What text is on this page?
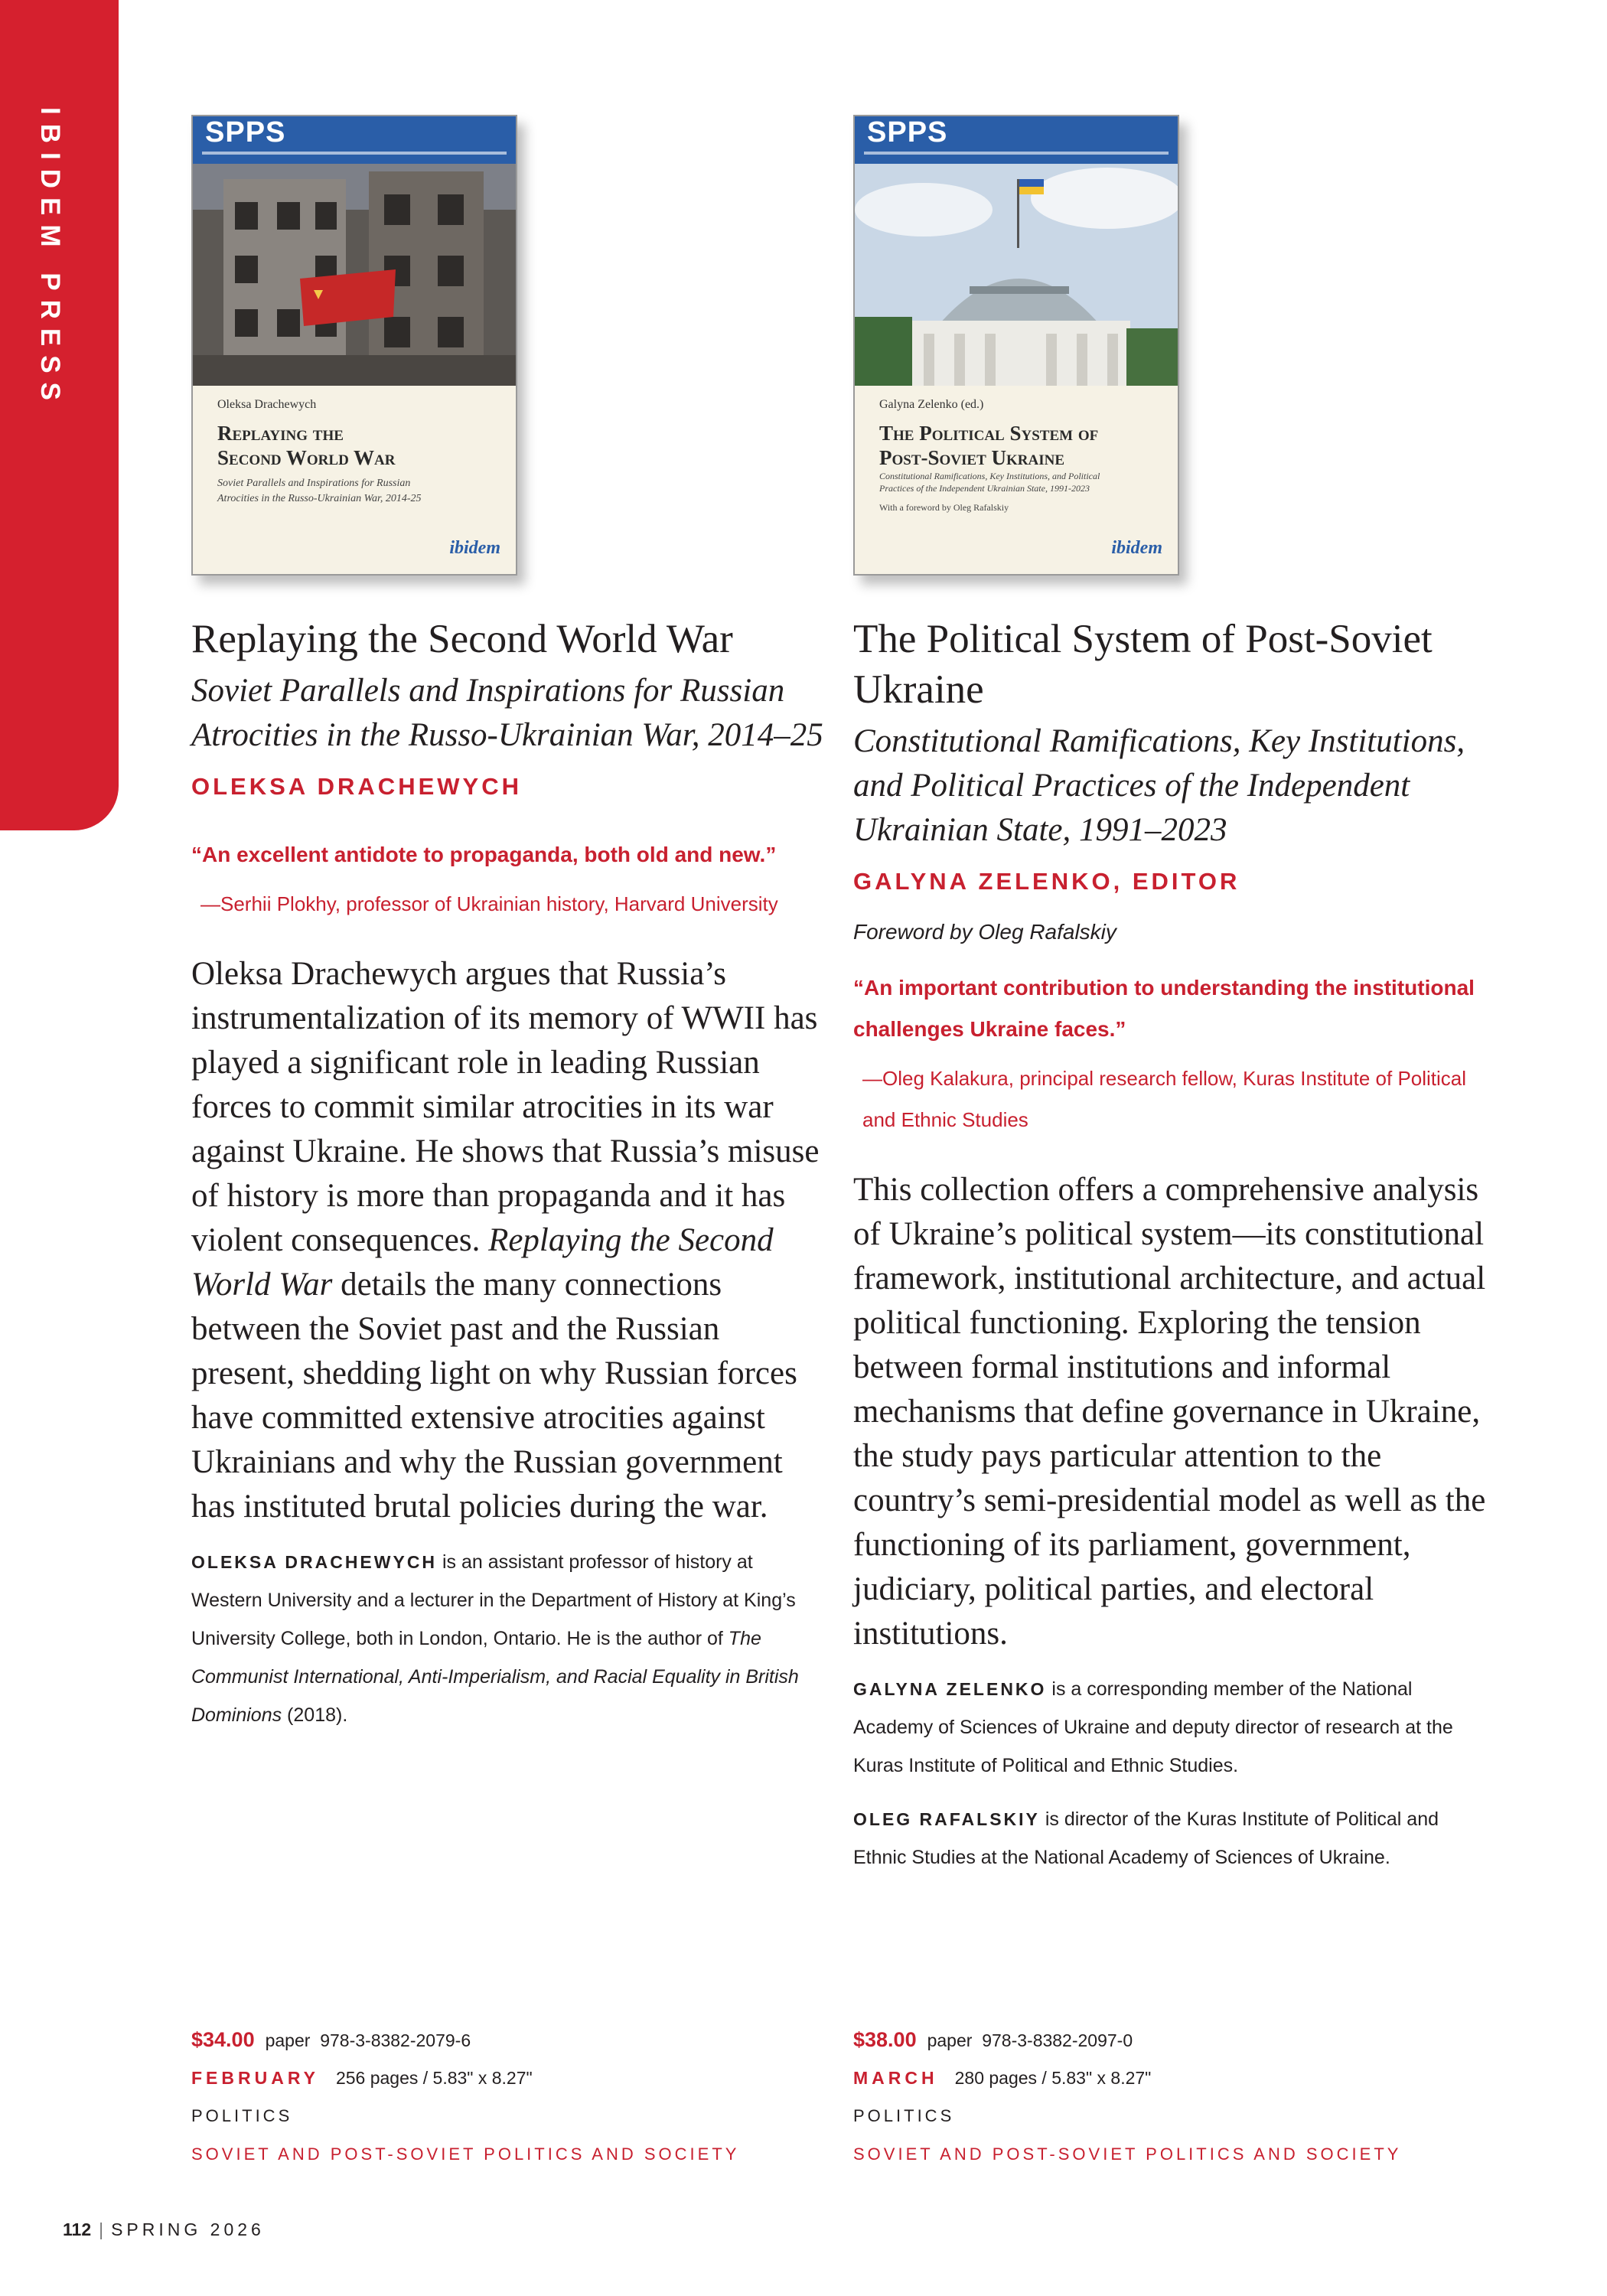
IBIDEM PRESS	SPPS
Oleksa Drachewych
Replaying the
Second World War
Soviet Parallels and Inspirations for Russian
Atrocities in the Russo-Ukrainian War, 2014-25
ibidem
Replaying the Second World War

Soviet Parallels and Inspirations for Russian Atrocities in the Russo-Ukrainian War, 2014–25

OLEKSA DRACHEWYCH

“An excellent antidote to propaganda, both old and new.”

—Serhii Plokhy, professor of Ukrainian history, Harvard University

Oleksa Drachewych argues that Russia’s instrumentalization of its memory of WWII has played a significant role in leading Russian forces to commit similar atrocities in its war against Ukraine. He shows that Russia’s misuse of history is more than propaganda and it has violent consequences. Replaying the Second World War details the many connections between the Soviet past and the Russian present, shedding light on why Russian forces have committed extensive atrocities against Ukrainians and why the Russian government has instituted brutal policies during the war.

OLEKSA DRACHEWYCH is an assistant professor of history at Western University and a lecturer in the Department of History at King’s University College, both in London, Ontario. He is the author of The Communist International, Anti-Imperialism, and Racial Equality in British Dominions (2018).

SPPS
Galyna Zelenko (ed.)
The Political System of
Post-Soviet Ukraine
Constitutional Ramifications, Key Institutions, and Political
Practices of the Independent Ukrainian State, 1991-2023
With a foreword by Oleg Rafalskiy
ibidem
The Political System of Post-Soviet Ukraine

Constitutional Ramifications, Key Institutions, and Political Practices of the Independent Ukrainian State, 1991–2023

GALYNA ZELENKO, EDITOR

Foreword by Oleg Rafalskiy

“An important contribution to understanding the institutional challenges Ukraine faces.”

—Oleg Kalakura, principal research fellow, Kuras Institute of Political and Ethnic Studies

This collection offers a comprehensive analysis of Ukraine’s political system—its constitutional framework, institutional architecture, and actual political functioning. Exploring the tension between formal institutions and informal mechanisms that define governance in Ukraine, the study pays particular attention to the country’s semi-presidential model as well as the functioning of its parliament, government, judiciary, political parties, and electoral institutions.

GALYNA ZELENKO is a corresponding member of the National Academy of Sciences of Ukraine and deputy director of research at the Kuras Institute of Political and Ethnic Studies.

OLEG RAFALSKIY is director of the Kuras Institute of Political and Ethnic Studies at the National Academy of Sciences of Ukraine.

$34.00 paper 978-3-8382-2079-6
FEBRUARY 256 pages / 5.83" x 8.27"
POLITICS
SOVIET AND POST-SOVIET POLITICS AND SOCIETY
$38.00 paper 978-3-8382-2097-0
MARCH 280 pages / 5.83" x 8.27"
POLITICS
SOVIET AND POST-SOVIET POLITICS AND SOCIETY
112 | SPRING 2026
